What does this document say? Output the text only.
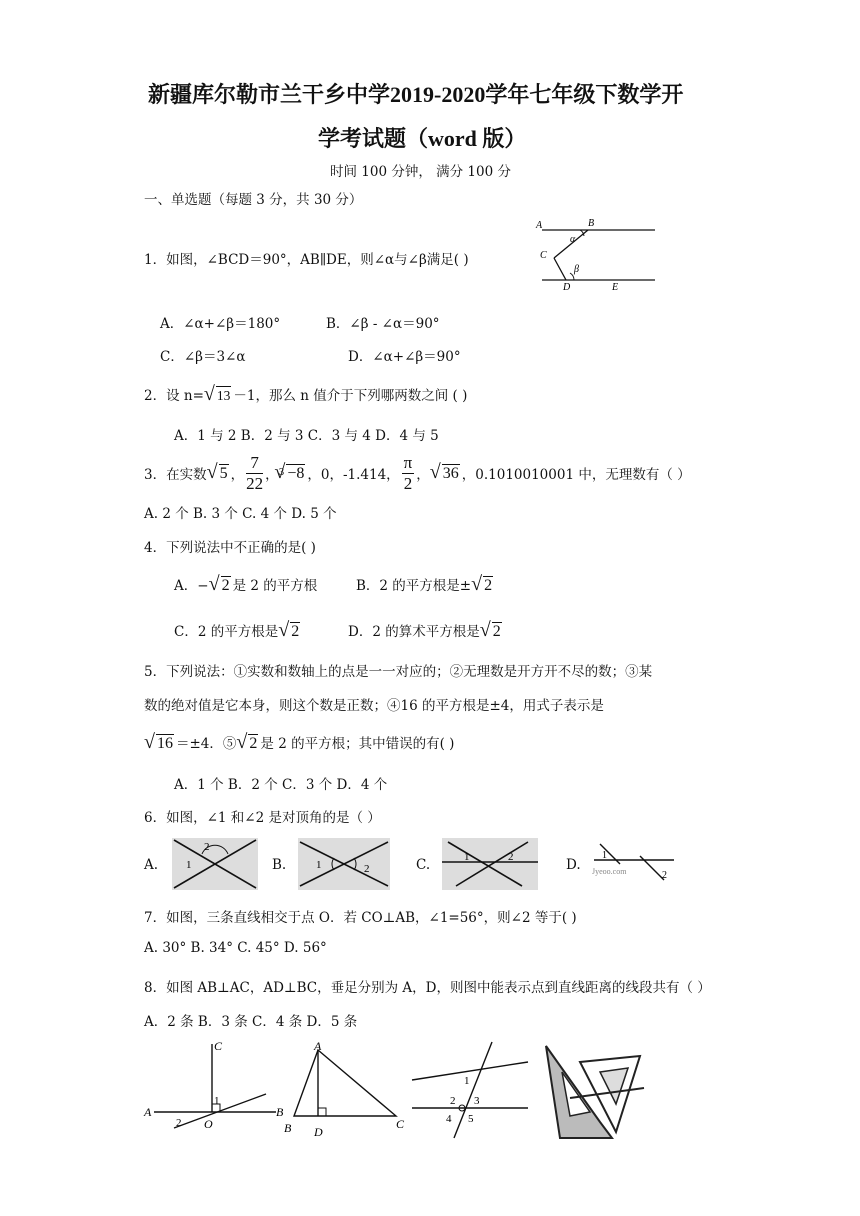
新疆库尔勒市兰干乡中学2019-2020学年七年级下数学开
学考试题（word 版）
时间 100 分钟， 满分 100 分
一、单选题（每题 3 分，共 30 分）
1．如图，∠BCD＝90°，AB∥DE，则∠α与∠β满足( )
A	B
C
D	E
α
β
A．∠α+∠β＝180°	B．∠β - ∠α＝90°
C．∠β＝3∠α	D．∠α+∠β＝90°
2．设 n= √ 13 －1，那么 n 值介于下列哪两数之间 ( )
A．1 与 2 B．2 与 3 C．3 与 4 D．4 与 5
3．在实数 √ 5 ， $\frac{7}{22}$ ， 3 √ −8 ，0，-1.414， $\frac{\pi}{2}$ ， √ 36 ，0.1010010001 中，无理数有（ ）
A. 2 个 B. 3 个 C. 4 个 D. 5 个
4．下列说法中不正确的是( )
A．− √ 2 是 2 的平方根	B．2 的平方根是± √ 2
C．2 的平方根是 √ 2	D．2 的算术平方根是 √ 2
5．下列说法：①实数和数轴上的点是一一对应的；②无理数是开方开不尽的数；③某
数的绝对值是它本身，则这个数是正数；④16 的平方根是±4，用式子表示是
√ 16 ＝±4．⑤ √ 2 是 2 的平方根；其中错误的有( )
A．1 个 B．2 个 C．3 个 D．4 个
6．如图，∠1 和∠2 是对顶角的是（ ）
A.	1
2
B.	1	2	C.	1	2	D.
1
2
Jyeoo.com
7．如图，三条直线相交于点 O．若 CO⊥AB，∠1=56°，则∠2 等于( )
A. 30° B. 34° C. 45° D. 56°
8．如图 AB⊥AC，AD⊥BC，垂足分别为 A，D，则图中能表示点到直线距离的线段共有（ ）
A．2 条 B．3 条 C．4 条 D．5 条
A	B
C
O
1
2
A
B	C
D
1
2 3
4 5
